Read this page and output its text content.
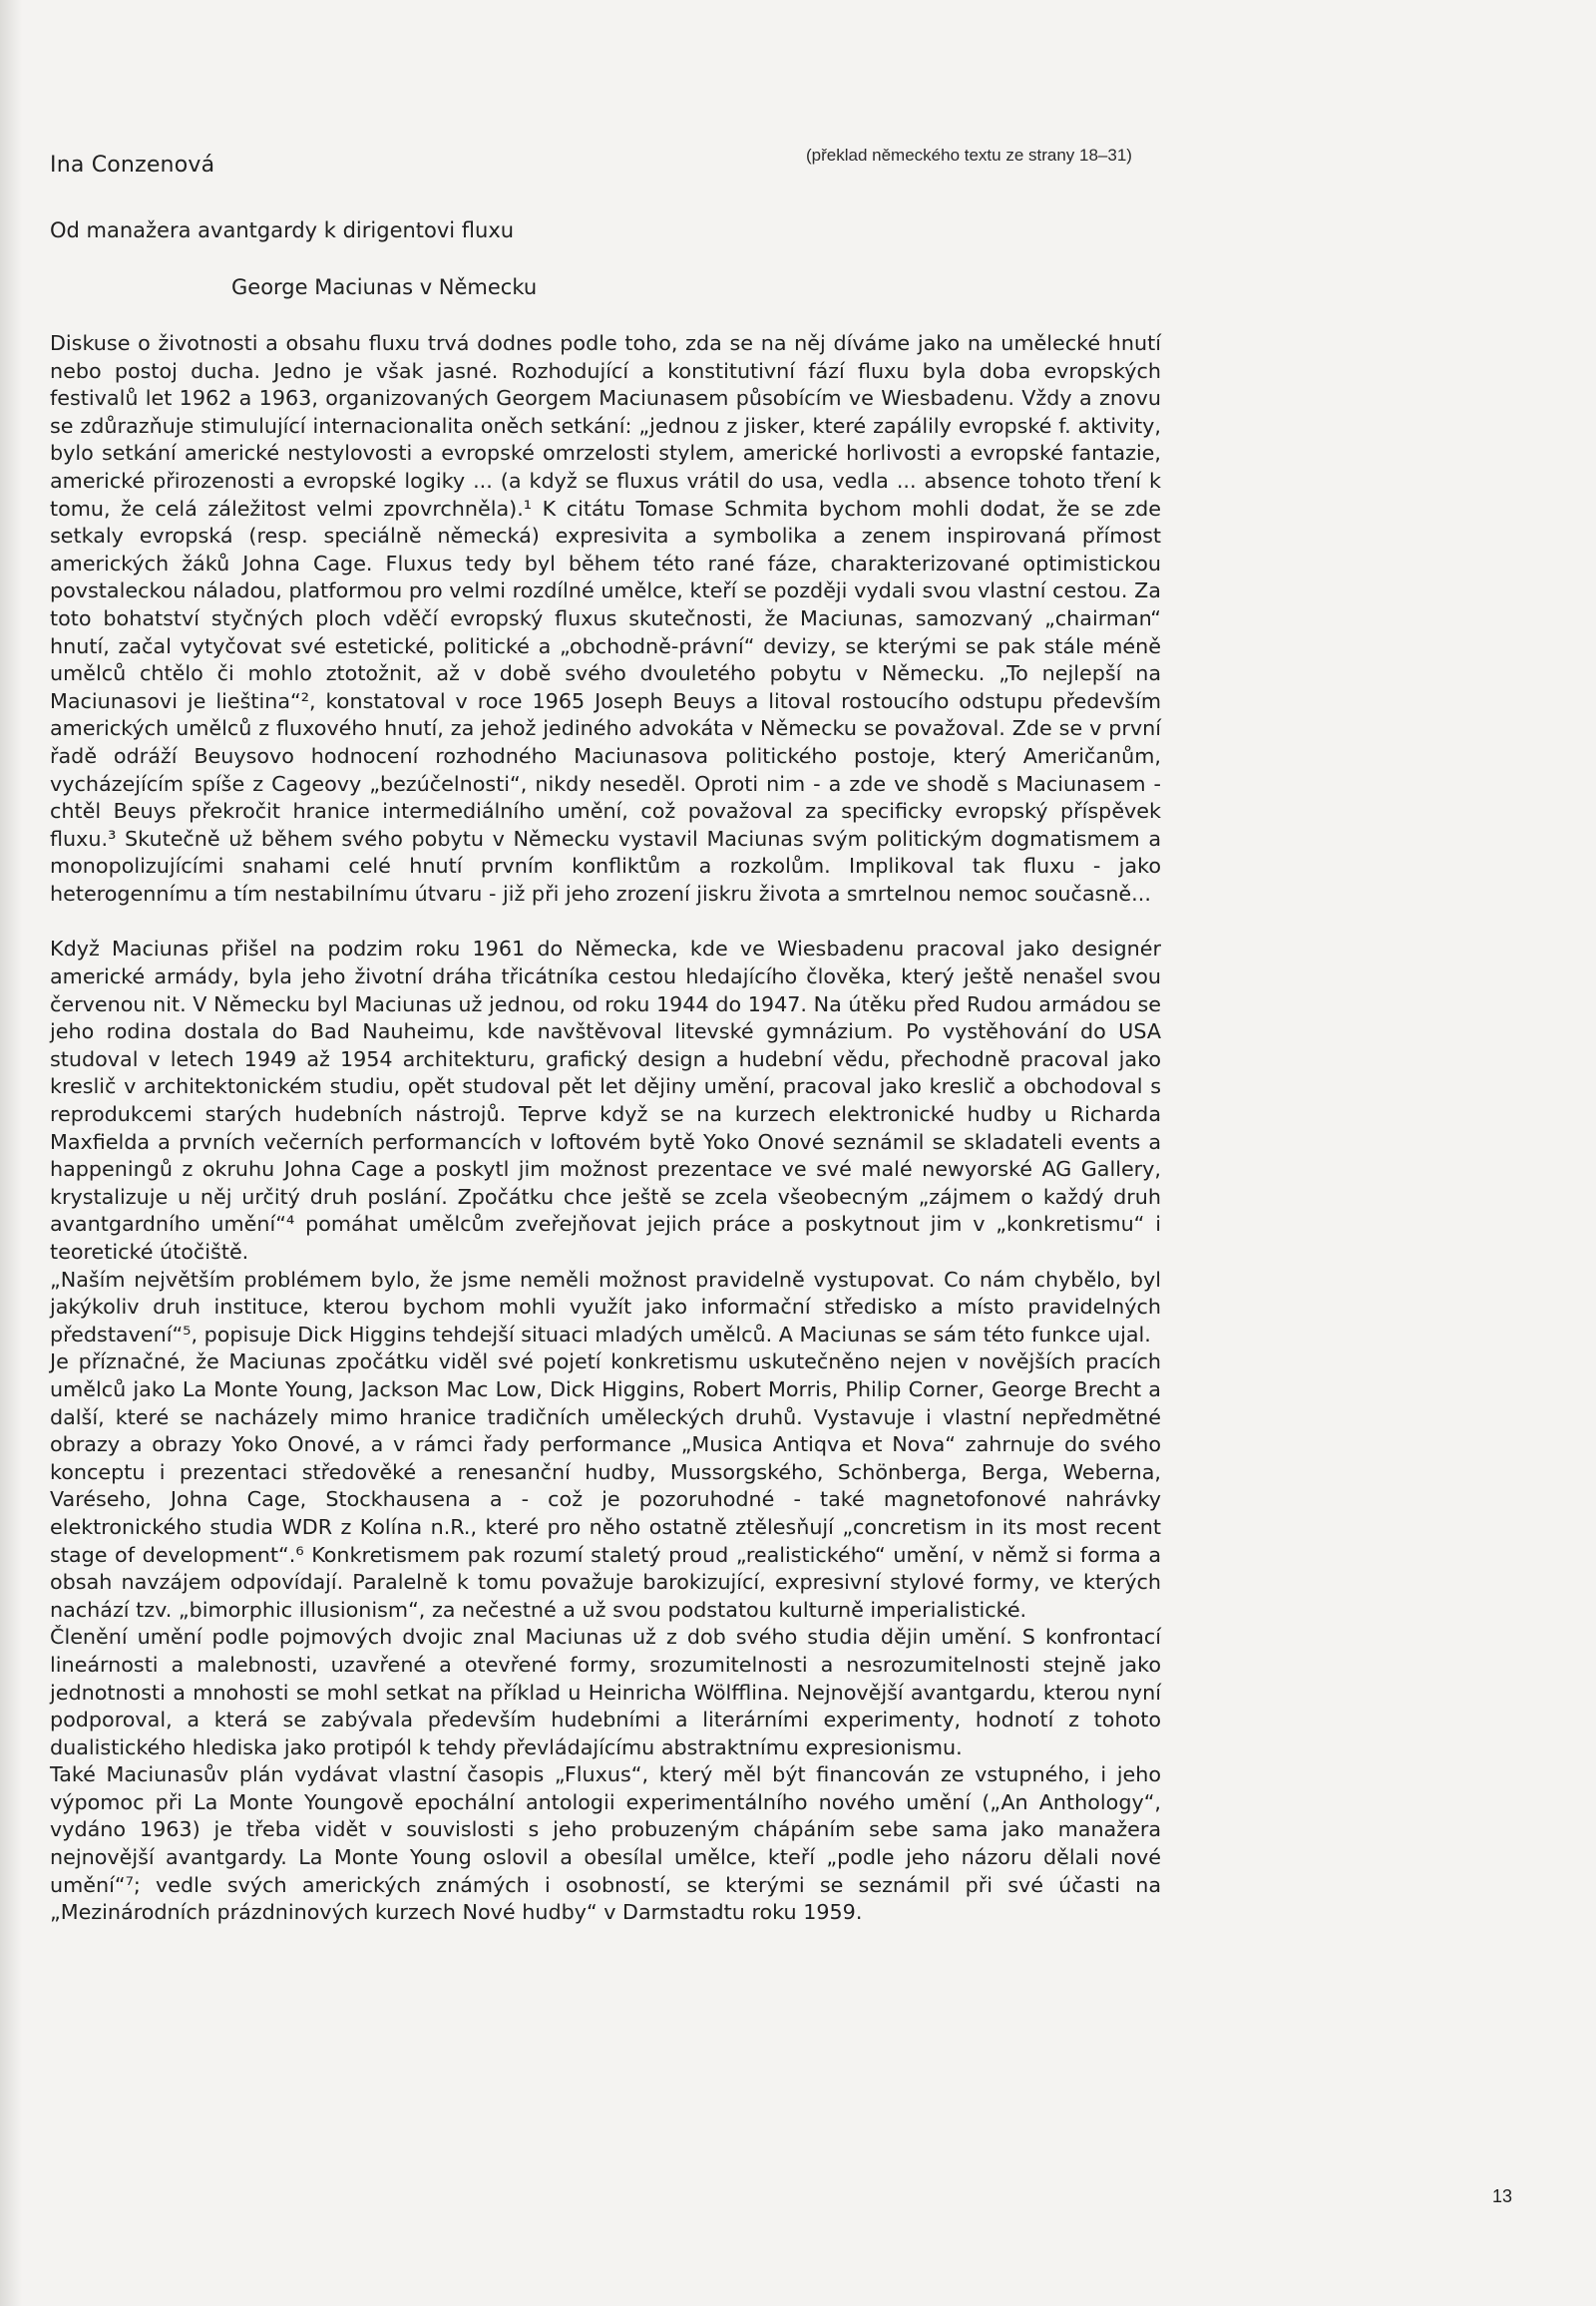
Ina Conzenová	(překlad německého textu ze strany 18–31)
Od manažera avantgardy k dirigentovi fluxu
George Maciunas v Německu

Diskuse o životnosti a obsahu fluxu trvá dodnes podle toho, zda se na něj díváme jako na umělecké hnutí nebo postoj ducha. Jedno je však jasné. Rozhodující a konstitutivní fází fluxu byla doba evropských festivalů let 1962 a 1963, organizovaných Georgem Maciunasem působícím ve Wiesbadenu. Vždy a znovu se zdůrazňuje stimulující internacionalita oněch setkání: „jednou z jisker, které zapálily evropské f. aktivity, bylo setkání americké nestylovosti a evropské omrzelosti stylem, americké horlivosti a evropské fantazie, americké přirozenosti a evropské logiky ... (a když se fluxus vrátil do usa, vedla ... absence tohoto tření k tomu, že celá záležitost velmi zpovrchněla).¹ K citátu Tomase Schmita bychom mohli dodat, že se zde setkaly evropská (resp. speciálně německá) expresivita a symbolika a zenem inspirovaná přímost amerických žáků Johna Cage. Fluxus tedy byl během této rané fáze, charakterizované optimistickou povstaleckou náladou, platformou pro velmi rozdílné umělce, kteří se později vydali svou vlastní cestou. Za toto bohatství styčných ploch vděčí evropský fluxus skutečnosti, že Maciunas, samozvaný „chairman“ hnutí, začal vytyčovat své estetické, politické a „obchodně-právní“ devizy, se kterými se pak stále méně umělců chtělo či mohlo ztotožnit, až v době svého dvouletého pobytu v Německu. „To nejlepší na Maciunasovi je lieština“², konstatoval v roce 1965 Joseph Beuys a litoval rostoucího odstupu především amerických umělců z fluxového hnutí, za jehož jediného advokáta v Německu se považoval. Zde se v první řadě odráží Beuysovo hodnocení rozhodného Maciunasova politického postoje, který Američanům, vycházejícím spíše z Cageovy „bezúčelnosti“, nikdy neseděl. Oproti nim - a zde ve shodě s Maciunasem - chtěl Beuys překročit hranice intermediálního umění, což považoval za specificky evropský příspěvek fluxu.³ Skutečně už během svého pobytu v Německu vystavil Maciunas svým politickým dogmatismem a monopolizujícími snahami celé hnutí prvním konfliktům a rozkolům. Implikoval tak fluxu - jako heterogennímu a tím nestabilnímu útvaru - již při jeho zrození jiskru života a smrtelnou nemoc současně...

Když Maciunas přišel na podzim roku 1961 do Německa, kde ve Wiesbadenu pracoval jako designér americké armády, byla jeho životní dráha třicátníka cestou hledajícího člověka, který ještě nenašel svou červenou nit. V Německu byl Maciunas už jednou, od roku 1944 do 1947. Na útěku před Rudou armádou se jeho rodina dostala do Bad Nauheimu, kde navštěvoval litevské gymnázium. Po vystěhování do USA studoval v letech 1949 až 1954 architekturu, grafický design a hudební vědu, přechodně pracoval jako kreslič v architektonickém studiu, opět studoval pět let dějiny umění, pracoval jako kreslič a obchodoval s reprodukcemi starých hudebních nástrojů. Teprve když se na kurzech elektronické hudby u Richarda Maxfielda a prvních večerních performancích v loftovém bytě Yoko Onové seznámil se skladateli events a happeningů z okruhu Johna Cage a poskytl jim možnost prezentace ve své malé newyorské AG Gallery, krystalizuje u něj určitý druh poslání. Zpočátku chce ještě se zcela všeobecným „zájmem o každý druh avantgardního umění“⁴ pomáhat umělcům zveřejňovat jejich práce a poskytnout jim v „konkretismu“ i teoretické útočiště.

„Naším největším problémem bylo, že jsme neměli možnost pravidelně vystupovat. Co nám chybělo, byl jakýkoliv druh instituce, kterou bychom mohli využít jako informační středisko a místo pravidelných představení“⁵, popisuje Dick Higgins tehdejší situaci mladých umělců. A Maciunas se sám této funkce ujal.

Je příznačné, že Maciunas zpočátku viděl své pojetí konkretismu uskutečněno nejen v novějších pracích umělců jako La Monte Young, Jackson Mac Low, Dick Higgins, Robert Morris, Philip Corner, George Brecht a další, které se nacházely mimo hranice tradičních uměleckých druhů. Vystavuje i vlastní nepředmětné obrazy a obrazy Yoko Onové, a v rámci řady performance „Musica Antiqva et Nova“ zahrnuje do svého konceptu i prezentaci středověké a renesanční hudby, Mussorgského, Schönberga, Berga, Weberna, Varéseho, Johna Cage, Stockhausena a - což je pozoruhodné - také magnetofonové nahrávky elektronického studia WDR z Kolína n.R., které pro něho ostatně ztělesňují „concretism in its most recent stage of development“.⁶ Konkretismem pak rozumí staletý proud „realistického“ umění, v němž si forma a obsah navzájem odpovídají. Paralelně k tomu považuje barokizující, expresivní stylové formy, ve kterých nachází tzv. „bimorphic illusionism“, za nečestné a už svou podstatou kulturně imperialistické.

Členění umění podle pojmových dvojic znal Maciunas už z dob svého studia dějin umění. S konfrontací lineárnosti a malebnosti, uzavřené a otevřené formy, srozumitelnosti a nesrozumitelnosti stejně jako jednotnosti a mnohosti se mohl setkat na příklad u Heinricha Wölfflina. Nejnovější avantgardu, kterou nyní podporoval, a která se zabývala především hudebními a literárními experimenty, hodnotí z tohoto dualistického hlediska jako protipól k tehdy převládajícímu abstraktnímu expresionismu.

Také Maciunasův plán vydávat vlastní časopis „Fluxus“, který měl být financován ze vstupného, i jeho výpomoc při La Monte Youngově epochální antologii experimentálního nového umění („An Anthology“, vydáno 1963) je třeba vidět v souvislosti s jeho probuzeným chápáním sebe sama jako manažera nejnovější avantgardy. La Monte Young oslovil a obesílal umělce, kteří „podle jeho názoru dělali nové umění“⁷; vedle svých amerických známých i osobností, se kterými se seznámil při své účasti na „Mezinárodních prázdninových kurzech Nové hudby“ v Darmstadtu roku 1959.

13
